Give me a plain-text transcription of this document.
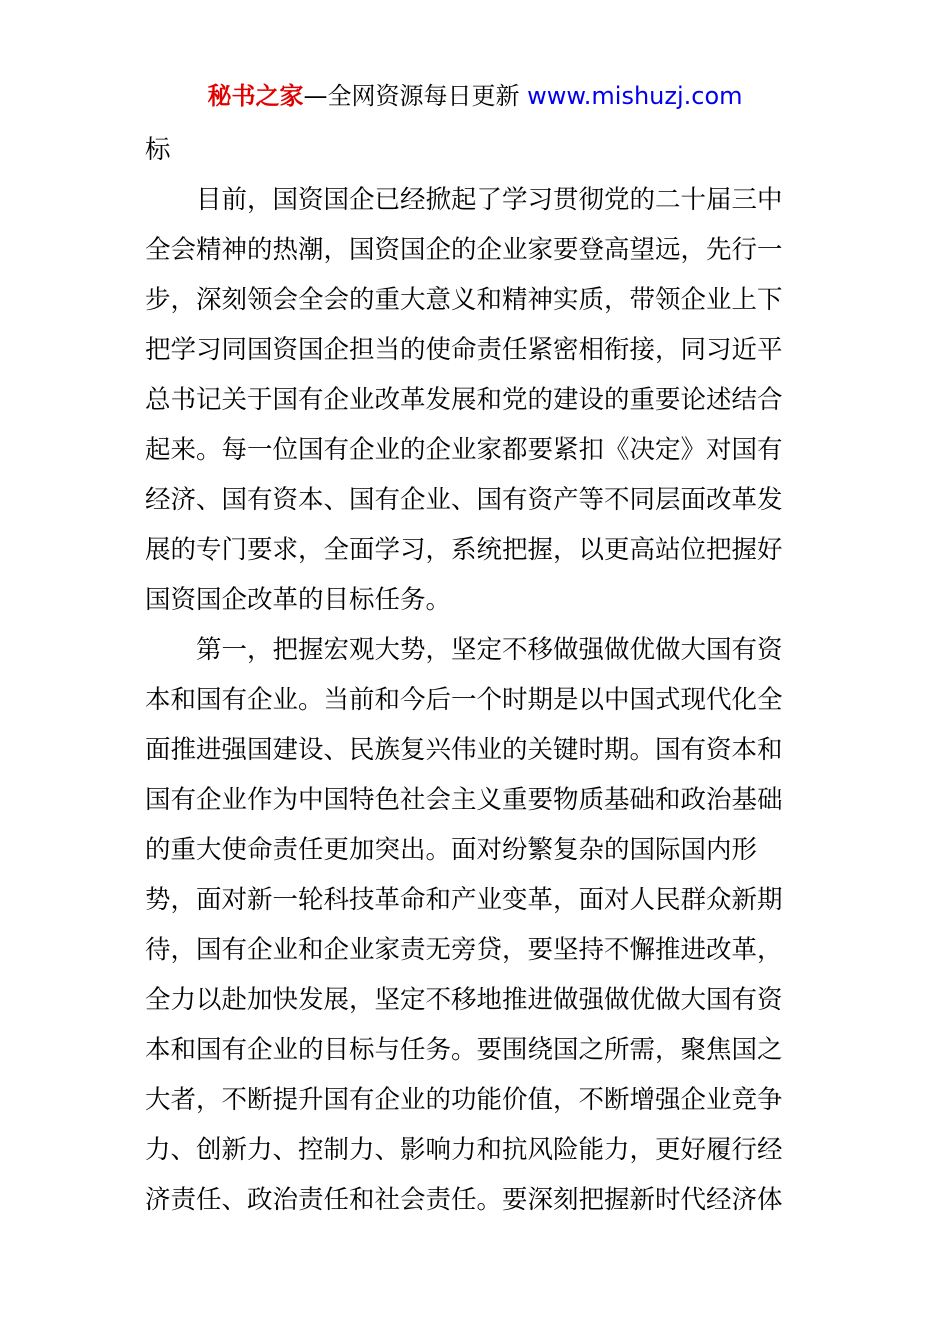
秘书之家—全网资源每日更新 www.mishuzj.com
标
目前，国资国企已经掀起了学习贯彻党的二十届三中
全会精神的热潮，国资国企的企业家要登高望远，先行一
步，深刻领会全会的重大意义和精神实质，带领企业上下
把学习同国资国企担当的使命责任紧密相衔接，同习近平
总书记关于国有企业改革发展和党的建设的重要论述结合
起来。每一位国有企业的企业家都要紧扣《决定》对国有
经济、国有资本、国有企业、国有资产等不同层面改革发
展的专门要求，全面学习，系统把握，以更高站位把握好
国资国企改革的目标任务。
第一，把握宏观大势，坚定不移做强做优做大国有资
本和国有企业。当前和今后一个时期是以中国式现代化全
面推进强国建设、民族复兴伟业的关键时期。国有资本和
国有企业作为中国特色社会主义重要物质基础和政治基础
的重大使命责任更加突出。面对纷繁复杂的国际国内形
势，面对新一轮科技革命和产业变革，面对人民群众新期
待，国有企业和企业家责无旁贷，要坚持不懈推进改革，
全力以赴加快发展，坚定不移地推进做强做优做大国有资
本和国有企业的目标与任务。要围绕国之所需，聚焦国之
大者，不断提升国有企业的功能价值，不断增强企业竞争
力、创新力、控制力、影响力和抗风险能力，更好履行经
济责任、政治责任和社会责任。要深刻把握新时代经济体
